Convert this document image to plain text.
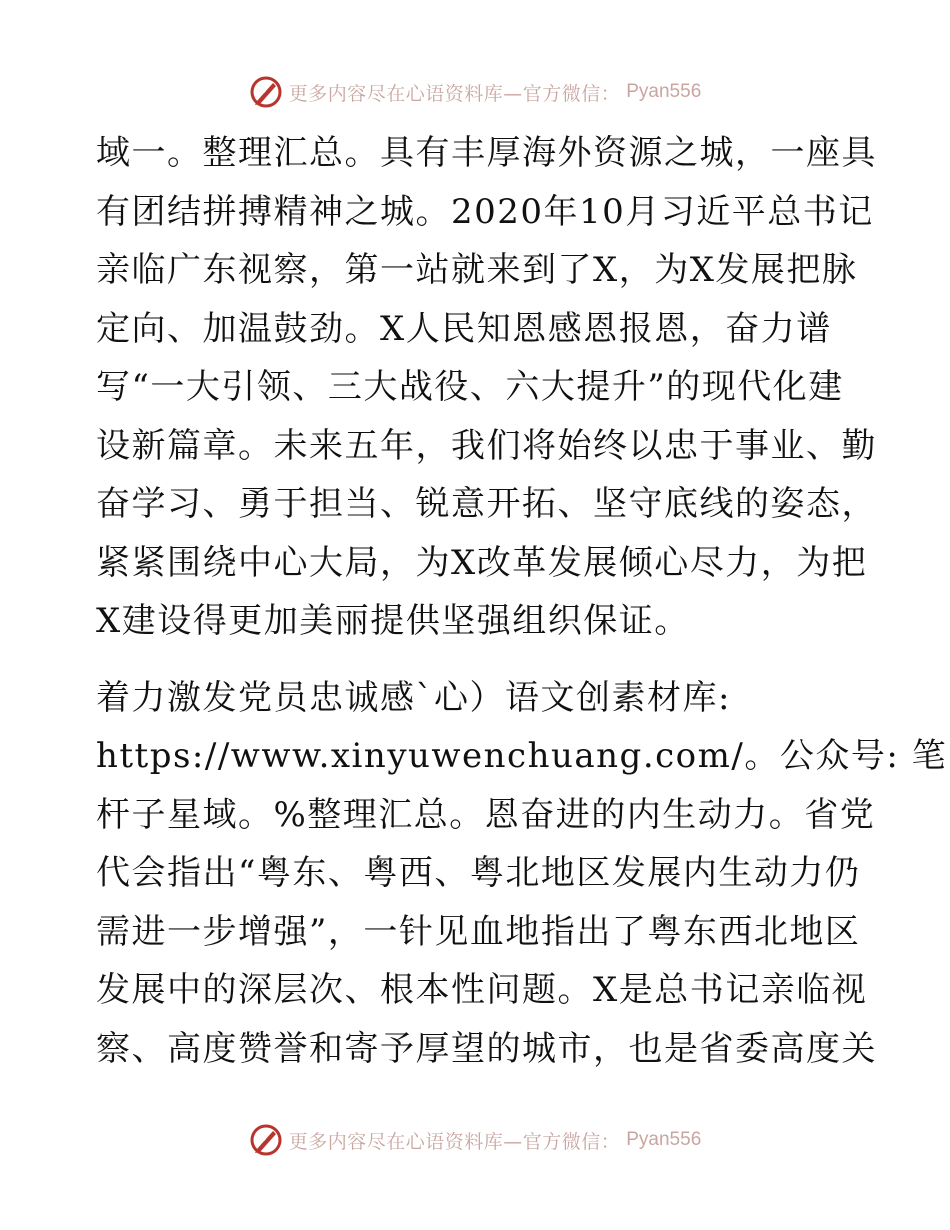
更多内容尽在心语资料库—官方微信： Pyan556
域一。整理汇总。具有丰厚海外资源之城，一座具
有团结拼搏精神之城。2020年10月习近平总书记
亲临广东视察，第一站就来到了X，为X发展把脉
定向、加温鼓劲。X人民知恩感恩报恩，奋力谱
写“一大引领、三大战役、六大提升”的现代化建
设新篇章。未来五年，我们将始终以忠于事业、勤
奋学习、勇于担当、锐意开拓、坚守底线的姿态，
紧紧围绕中心大局，为X改革发展倾心尽力，为把
X建设得更加美丽提供坚强组织保证。
着力激发党员忠诚感`心）语文创素材库:
https://www.xinyuwenchuang.com/。公众号: 笔
杆子星域。%整理汇总。恩奋进的内生动力。省党
代会指出“粤东、粤西、粤北地区发展内生动力仍
需进一步增强”，一针见血地指出了粤东西北地区
发展中的深层次、根本性问题。X是总书记亲临视
察、高度赞誉和寄予厚望的城市，也是省委高度关
更多内容尽在心语资料库—官方微信： Pyan556
